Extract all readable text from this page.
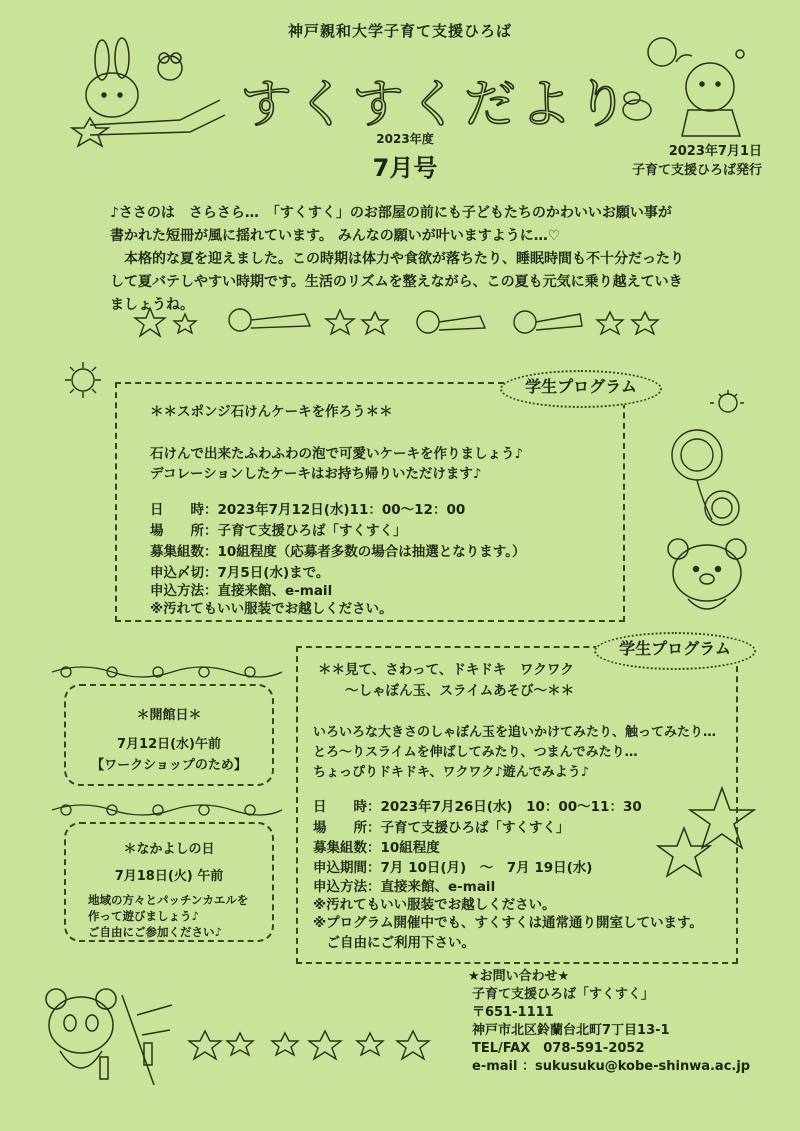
神戸親和大学子育て支援ひろば
すくすくだより
2023年度
7月号
2023年7月1日
子育て支援ひろば発行

♪ささのは　さらさら…　「すくすく」のお部屋の前にも子どもたちのかわいいお願い事が

書かれた短冊が風に揺れています。 みんなの願いが叶いますように…♡

　本格的な夏を迎えました。この時期は体力や食欲が落ちたり、睡眠時間も不十分だったり

して夏バテしやすい時期です。生活のリズムを整えながら、この夏も元気に乗り越えていき

ましょうね。

学生プログラム
＊＊スポンジ石けんケーキを作ろう＊＊
石けんで出来たふわふわの泡で可愛いケーキを作りましょう♪
デコレーションしたケーキはお持ち帰りいただけます♪
日　　時：2023年7月12日(水)11：00～12：00
場　　所：子育て支援ひろば「すくすく」
募集組数：10組程度（応募者多数の場合は抽選となります。）
申込〆切：7月5日(水)まで。
申込方法：直接来館、e-mail
※汚れてもいい服装でお越しください。
＊開館日＊
7月12日(水)午前
【ワークショップのため】
＊なかよしの日
7月18日(火) 午前
地域の方々とパッチンカエルを
作って遊びましょう♪
ご自由にご参加ください♪
学生プログラム
＊＊見て、さわって、ドキドキ　ワクワク
～しゃぼん玉、スライムあそび～＊＊
いろいろな大きさのしゃぼん玉を追いかけてみたり、触ってみたり…
とろ～りスライムを伸ばしてみたり、つまんでみたり…
ちょっぴりドキドキ、ワクワク♪遊んでみよう♪
日　　時：2023年7月26日(水)　10：00～11：30
場　　所：子育て支援ひろば「すくすく」
募集組数：10組程度
申込期間：7月 10日(月)　～　7月 19日(水)
申込方法：直接来館、e-mail
※汚れてもいい服装でお越しください。
※プログラム開催中でも、すくすくは通常通り開室しています。
　ご自由にご利用下さい。
★お問い合わせ★
子育て支援ひろば「すくすく」
〒651-1111
神戸市北区鈴蘭台北町7丁目13-1
TEL/FAX　078-591-2052
e-mail ：sukusuku@kobe-shinwa.ac.jp
